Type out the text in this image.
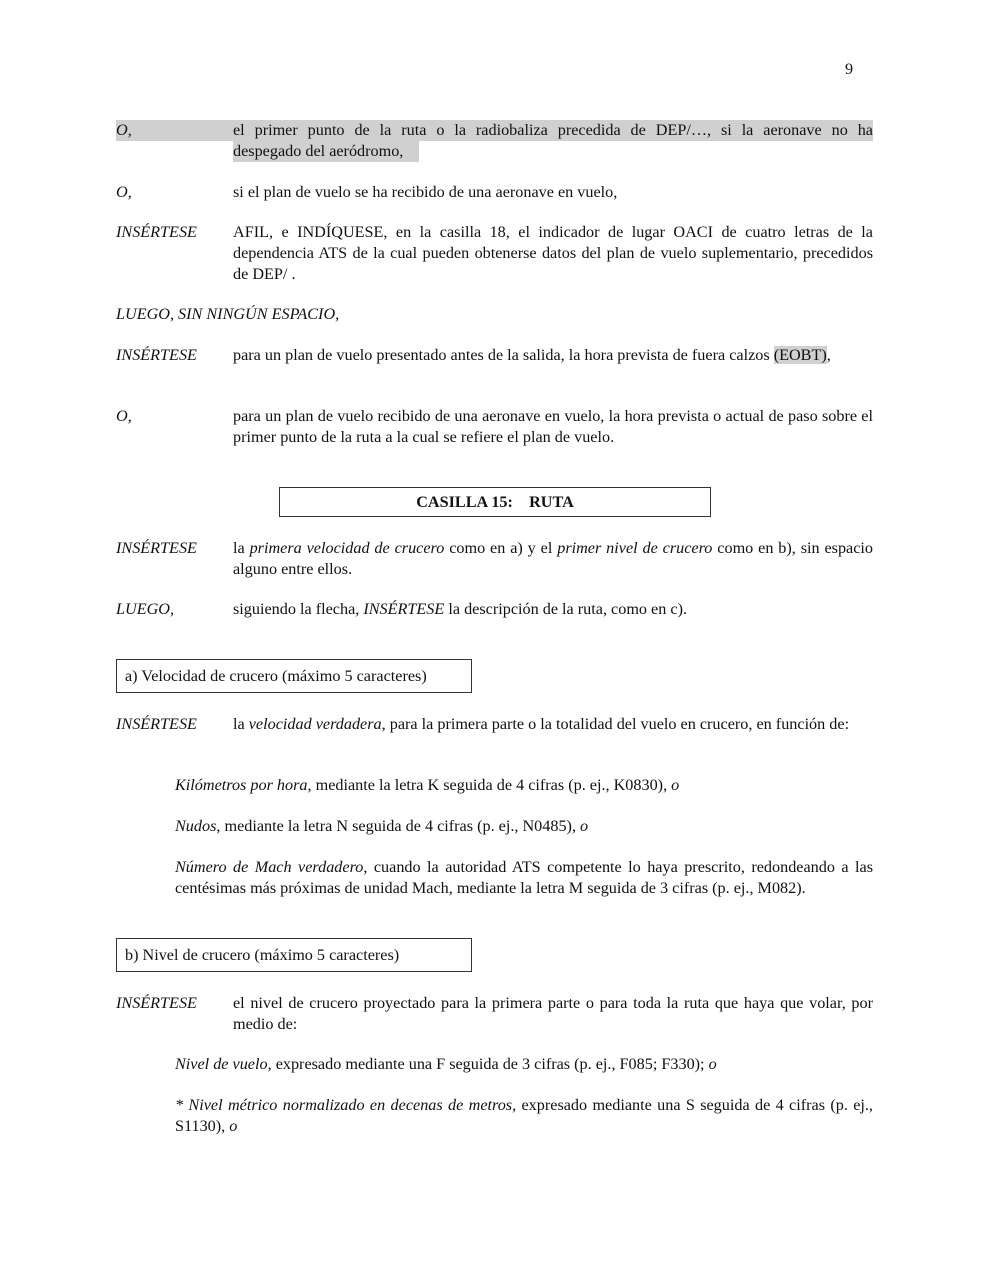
9
O,	el primer punto de la ruta o la radiobaliza precedida de DEP/…, si la aeronave no ha
despegado del aeródromo,
O,	si el plan de vuelo se ha recibido de una aeronave en vuelo,
INSÉRTESE AFIL, e INDÍQUESE, en la casilla 18, el indicador de lugar OACI de cuatro letras de la dependencia ATS de la cual pueden obtenerse datos del plan de vuelo suplementario, precedidos de DEP/ .
LUEGO, SIN NINGÚN ESPACIO,
INSÉRTESE para un plan de vuelo presentado antes de la salida, la hora prevista de fuera calzos (EOBT),
O,	para un plan de vuelo recibido de una aeronave en vuelo, la hora prevista o actual de paso sobre el primer punto de la ruta a la cual se refiere el plan de vuelo.
CASILLA 15:    RUTA
INSÉRTESE la primera velocidad de crucero como en a) y el primer nivel de crucero como en b), sin espacio alguno entre ellos.
LUEGO,	siguiendo la flecha, INSÉRTESE la descripción de la ruta, como en c).
a) Velocidad de crucero (máximo 5 caracteres)
INSÉRTESE la velocidad verdadera, para la primera parte o la totalidad del vuelo en crucero, en función de:
Kilómetros por hora, mediante la letra K seguida de 4 cifras (p. ej., K0830), o
Nudos, mediante la letra N seguida de 4 cifras (p. ej., N0485), o
Número de Mach verdadero, cuando la autoridad ATS competente lo haya prescrito, redondeando a las centésimas más próximas de unidad Mach, mediante la letra M seguida de 3 cifras (p. ej., M082).
b) Nivel de crucero (máximo 5 caracteres)
INSÉRTESE el nivel de crucero proyectado para la primera parte o para toda la ruta que haya que volar, por medio de:
Nivel de vuelo, expresado mediante una F seguida de 3 cifras (p. ej., F085; F330); o
* Nivel métrico normalizado en decenas de metros, expresado mediante una S seguida de 4 cifras (p. ej., S1130), o
